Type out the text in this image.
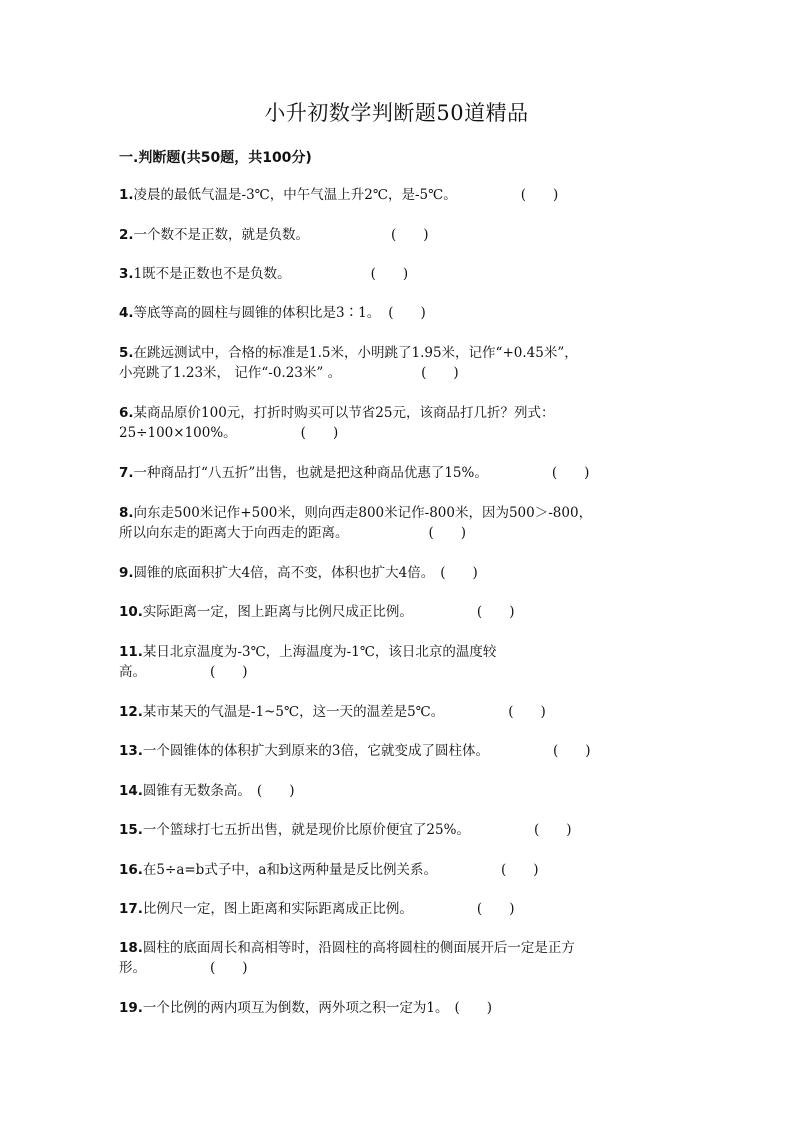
小升初数学判断题50道精品
一.判断题(共50题，共100分)
1.凌晨的最低气温是-3℃，中午气温上升2℃，是-5℃。	(　　)
2.一个数不是正数，就是负数。	(　　)
3.1既不是正数也不是负数。	(　　)
4.等底等高的圆柱与圆锥的体积比是3∶1。 (　　)
5.在跳远测试中，合格的标准是1.5米，小明跳了1.95米，记作“+0.45米”，
小亮跳了1.23米， 记作“-0.23米” 。	(　　)
6.某商品原价100元，打折时购买可以节省25元，该商品打几折？列式：
25÷100×100%。	(　　)
7.一种商品打“八五折”出售，也就是把这种商品优惠了15%。	(　　)
8.向东走500米记作+500米，则向西走800米记作-800米，因为500＞-800，
所以向东走的距离大于向西走的距离。	(　　)
9.圆锥的底面积扩大4倍，高不变，体积也扩大4倍。 (　　)
10.实际距离一定，图上距离与比例尺成正比例。	(　　)
11.某日北京温度为-3℃，上海温度为-1℃，该日北京的温度较
高。	(　　)
12.某市某天的气温是-1~5℃，这一天的温差是5℃。	(　　)
13.一个圆锥体的体积扩大到原来的3倍，它就变成了圆柱体。	(　　)
14.圆锥有无数条高。 (　　)
15.一个篮球打七五折出售，就是现价比原价便宜了25%。	(　　)
16.在5÷a=b式子中，a和b这两种量是反比例关系。	(　　)
17.比例尺一定，图上距离和实际距离成正比例。	(　　)
18.圆柱的底面周长和高相等时，沿圆柱的高将圆柱的侧面展开后一定是正方
形。	(　　)
19.一个比例的两内项互为倒数，两外项之积一定为1。 (　　)
